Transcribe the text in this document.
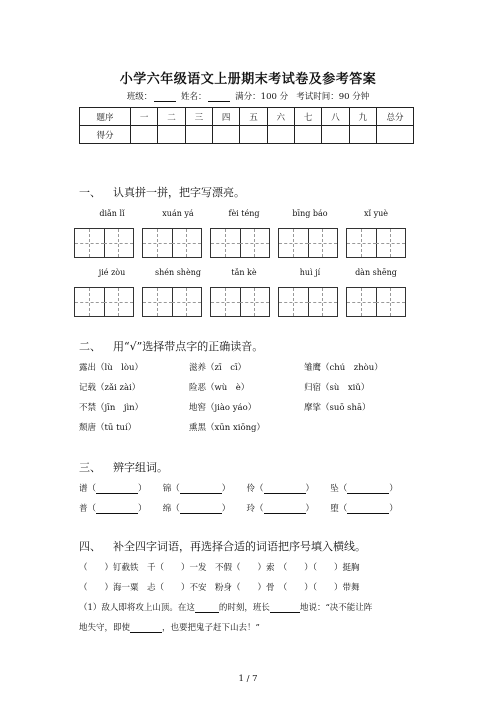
小学六年级语文上册期末考试卷及参考答案
班级：	姓名：	满分：100 分 考试时间：90 分钟
题序	一	二	三	四	五	六	七	八	九	总分
得分										
一、 认真拼一拼，把字写漂亮。
diǎn lǐ	xuán yá	fèi téng	bīng báo	xǐ yuè
jié zòu	shén shèng	tǎn kè	huì jí	dàn shēng
二、 用“√”选择带点字的正确读音。
露出（lù　lòu）	滋养（zī　cī）	雏鹰（chú　zhòu）
记载（zǎi zài）	险恶（wù　è）	归宿（sù　xiǔ）
不禁（jīn　jìn）	地窖（jiào yáo）	摩挲（suō shā）
颓唐（tū tuí）	熏黑（xūn xiōng）
三、 辨字组词。
谱（	） 锦（	） 伶（	） 坠（	）
普（	） 绵（	） 玲（	） 堕（	）
四、 补全四字词语，再选择合适的词语把序号填入横线。
（　　）钉截铁　千（　　）一发　不假（　　）索　（　　）（　　）挺胸
（　　）海一粟　忐（　　）不安　粉身（　　）骨　（　　）（　　）带舞
（1）敌人即将攻上山顶。在这	的时刻，班长	地说：“决不能让阵
地失守，即使	，也要把鬼子赶下山去！”
1 / 7
